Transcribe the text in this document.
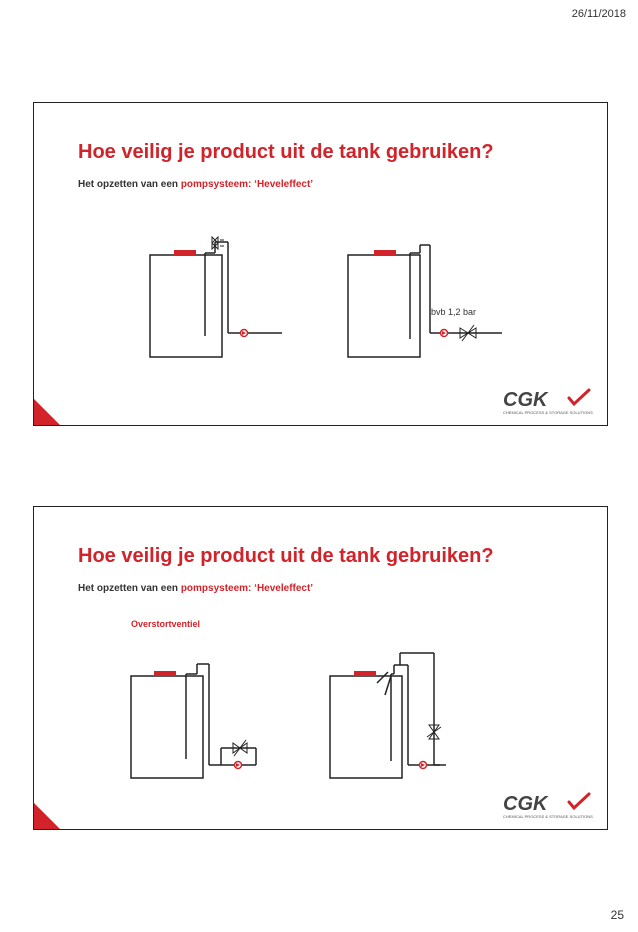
26/11/2018
Hoe veilig je product uit de tank gebruiken?
Het opzetten van een pompsysteem: ‘Heveleffect’
bvb 1,2 bar
CGK
CHEMICAL PROCESS & STORAGE SOLUTIONS
Hoe veilig je product uit de tank gebruiken?
Het opzetten van een pompsysteem: ‘Heveleffect’
Overstortventiel
CGK
CHEMICAL PROCESS & STORAGE SOLUTIONS
25
